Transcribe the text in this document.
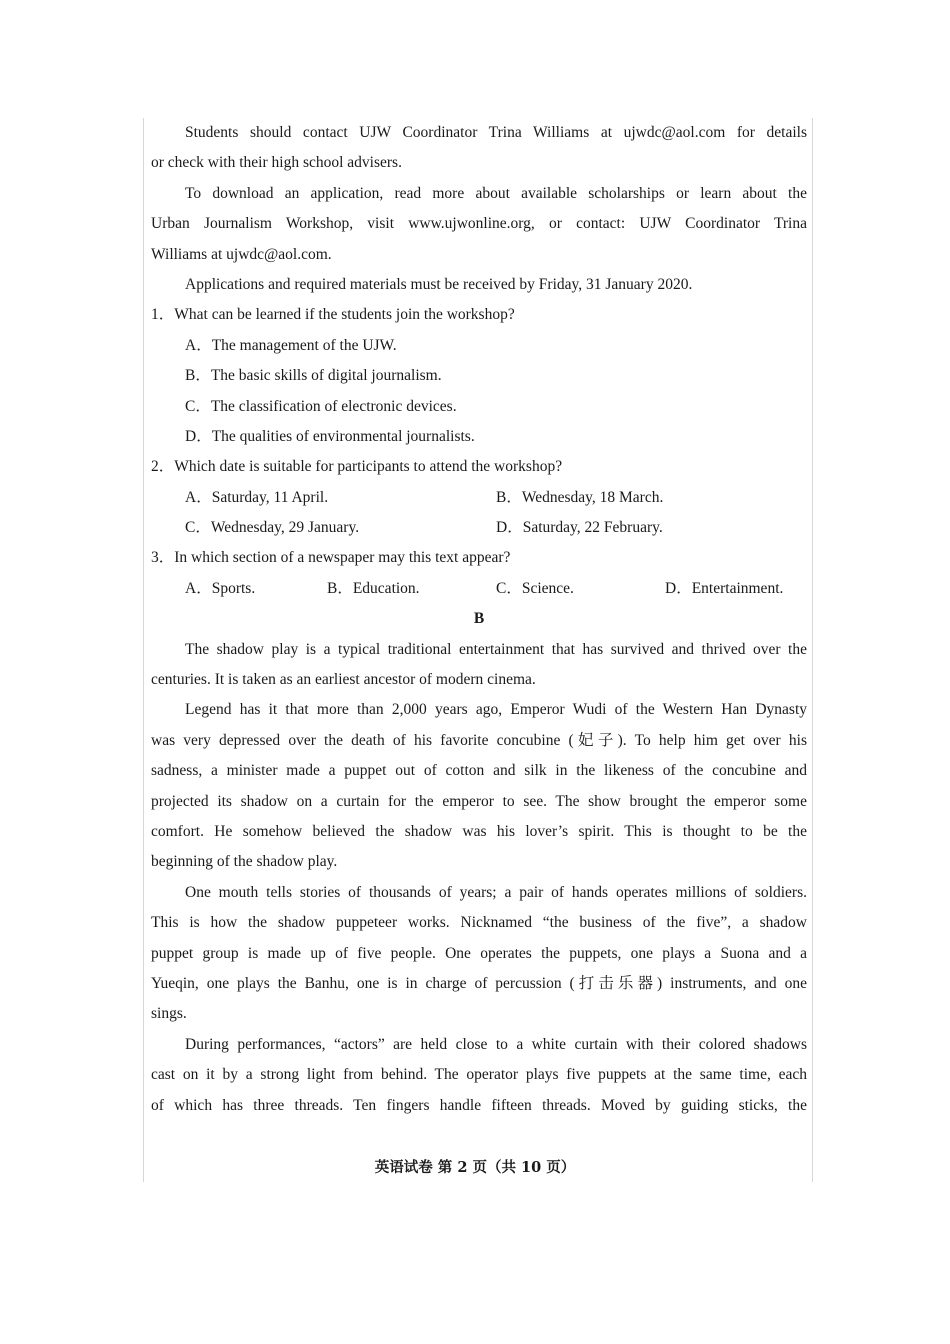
Students should contact UJW Coordinator Trina Williams at ujwdc@aol.com for details
or check with their high school advisers.
To download an application, read more about available scholarships or learn about the
Urban Journalism Workshop, visit www.ujwonline.org, or contact: UJW Coordinator Trina
Williams at ujwdc@aol.com.
Applications and required materials must be received by Friday, 31 January 2020.
1．What can be learned if the students join the workshop?
A．The management of the UJW.
B．The basic skills of digital journalism.
C．The classification of electronic devices.
D．The qualities of environmental journalists.
2．Which date is suitable for participants to attend the workshop?
A．Saturday, 11 April.	B．Wednesday, 18 March.
C．Wednesday, 29 January.	D．Saturday, 22 February.
3．In which section of a newspaper may this text appear?
A．Sports.	B．Education.	C．Science.	D．Entertainment.
B
The shadow play is a typical traditional entertainment that has survived and thrived over the
centuries. It is taken as an earliest ancestor of modern cinema.
Legend has it that more than 2,000 years ago, Emperor Wudi of the Western Han Dynasty
was very depressed over the death of his favorite concubine (妃子). To help him get over his
sadness, a minister made a puppet out of cotton and silk in the likeness of the concubine and
projected its shadow on a curtain for the emperor to see. The show brought the emperor some
comfort. He somehow believed the shadow was his lover’s spirit. This is thought to be the
beginning of the shadow play.
One mouth tells stories of thousands of years; a pair of hands operates millions of soldiers.
This is how the shadow puppeteer works. Nicknamed “the business of the five”, a shadow
puppet group is made up of five people. One operates the puppets, one plays a Suona and a
Yueqin, one plays the Banhu, one is in charge of percussion (打击乐器) instruments, and one
sings.
During performances, “actors” are held close to a white curtain with their colored shadows
cast on it by a strong light from behind. The operator plays five puppets at the same time, each
of which has three threads. Ten fingers handle fifteen threads. Moved by guiding sticks, the
英语试卷 第 2 页（共 10 页）
